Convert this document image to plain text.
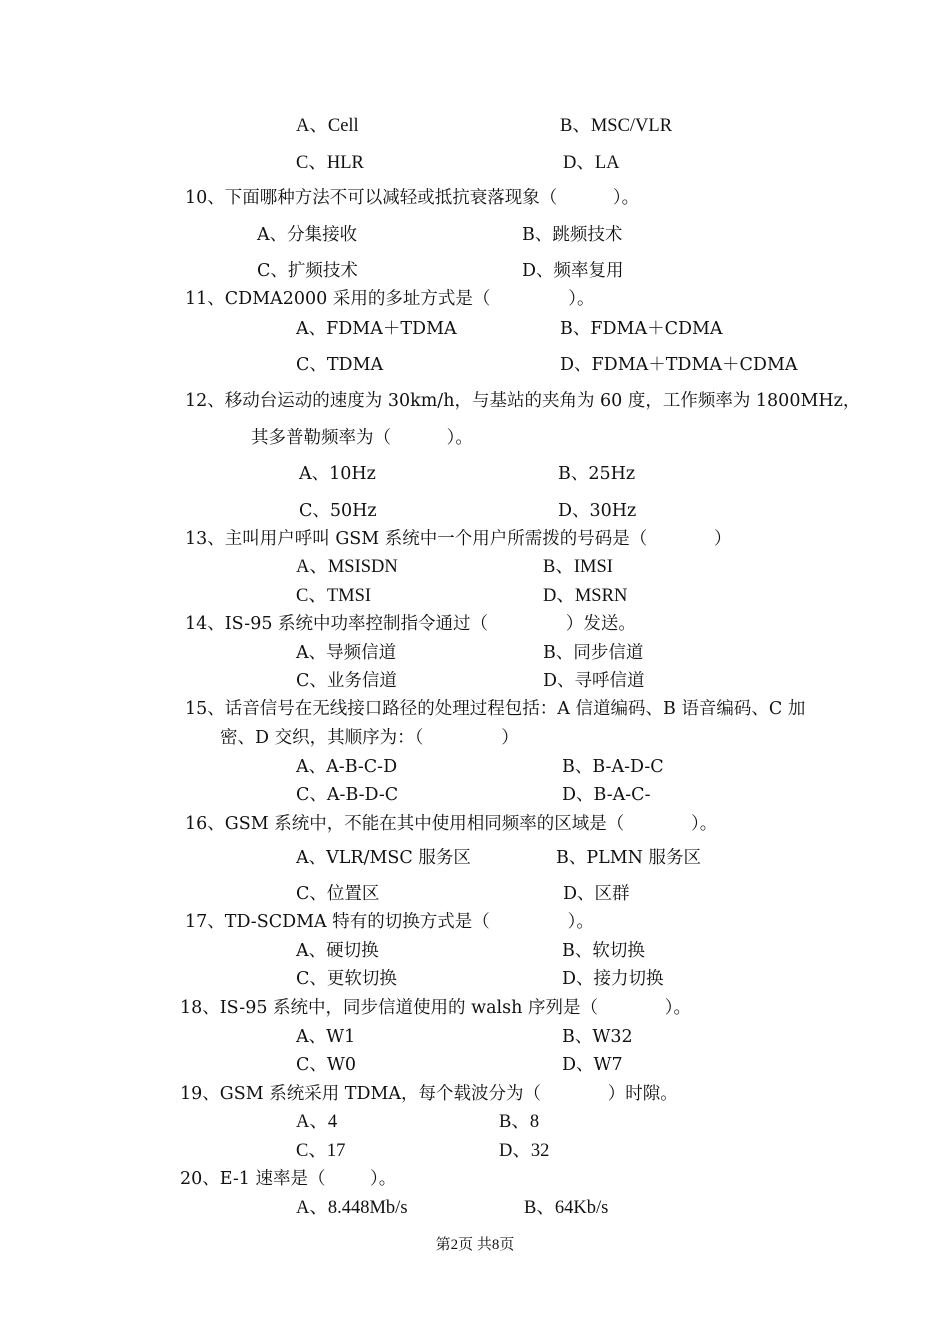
A、Cell	B、MSC/VLR
C、HLR	D、LA
10、下面哪种方法不可以减轻或抵抗衰落现象（          ）。
A、分集接收	B、跳频技术
C、扩频技术	D、频率复用
11、CDMA2000 采用的多址方式是（              ）。
A、FDMA＋TDMA	B、FDMA＋CDMA
C、TDMA	D、FDMA＋TDMA＋CDMA
12、移动台运动的速度为 30km/h，与基站的夹角为 60 度，工作频率为 1800MHz，
其多普勒频率为（          ）。
A、10Hz	B、25Hz
C、50Hz	D、30Hz
13、主叫用户呼叫 GSM 系统中一个用户所需拨的号码是（            ）
A、MSISDN	B、IMSI
C、TMSI	D、MSRN
14、IS-95 系统中功率控制指令通过（              ）发送。
A、导频信道	B、同步信道
C、业务信道	D、寻呼信道
15、话音信号在无线接口路径的处理过程包括：A 信道编码、B 语音编码、C 加
密、D 交织，其顺序为：（              ）
A、A-B-C-D	B、B-A-D-C
C、A-B-D-C	D、B-A-C-
16、GSM 系统中，不能在其中使用相同频率的区域是（            ）。
A、VLR/MSC 服务区	B、PLMN 服务区
C、位置区	D、区群
17、TD-SCDMA 特有的切换方式是（              ）。
A、硬切换	B、软切换
C、更软切换	D、接力切换
18、IS-95 系统中，同步信道使用的 walsh 序列是（            ）。
A、W1	B、W32
C、W0	D、W7
19、GSM 系统采用 TDMA，每个载波分为（            ）时隙。
A、4	B、8
C、17	D、32
20、E-1 速率是（        ）。
A、8.448Mb/s	B、64Kb/s
第2页 共8页
